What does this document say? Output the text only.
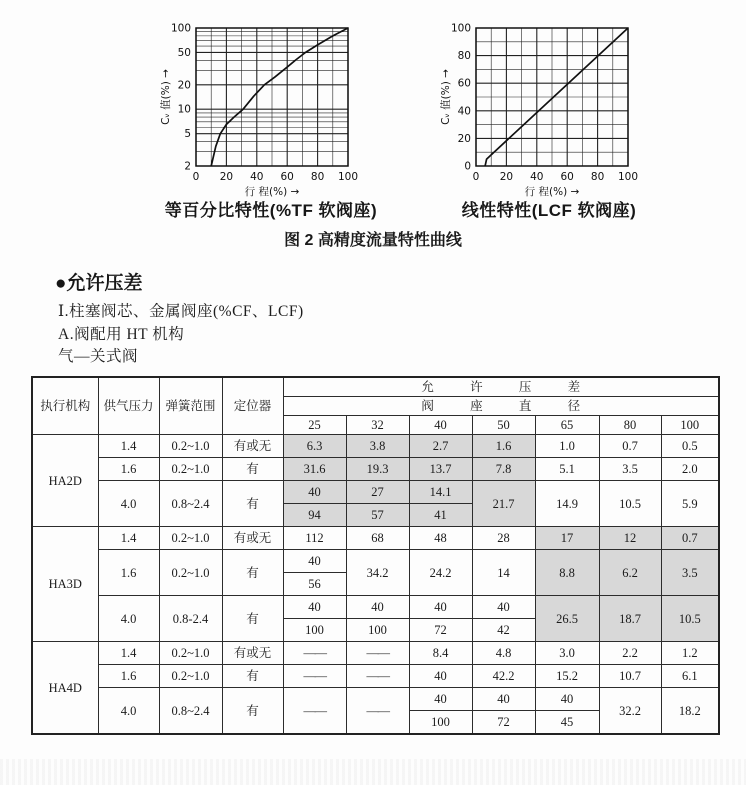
0 20 40 60 80 100
2
5
10
20
50
100
行 程(%) →
Cᵥ 值(%) →
0 20 40 60 80 100
0
20
40
60
80
100
行 程(%) →
Cᵥ 值(%) →
等百分比特性(%TF 软阀座)	线性特性(LCF 软阀座)
图 2 高精度流量特性曲线
●允许压差
Ⅰ.柱塞阀芯、金属阀座(%CF、LCF)
A.阀配用 HT 机构
气—关式阀
执行机构	供气压力	弹簧范围	定位器	允许压差						
				阀座直径						
				25	32	40	50	65	80	100
HA2D	1.4	0.2~1.0	有或无	6.3	3.8	2.7	1.6	1.0	0.7	0.5
	1.6	0.2~1.0	有	31.6	19.3	13.7	7.8	5.1	3.5	2.0
	4.0	0.8~2.4	有	40	27	14.1	21.7	14.9	10.5	5.9
				94	57	41				
HA3D	1.4	0.2~1.0	有或无	112	68	48	28	17	12	0.7
	1.6	0.2~1.0	有	40	34.2	24.2	14	8.8	6.2	3.5
				56						
	4.0	0.8-2.4	有	40	40	40	40	26.5	18.7	10.5
				100	100	72	42			
HA4D	1.4	0.2~1.0	有或无	——	——	8.4	4.8	3.0	2.2	1.2
	1.6	0.2~1.0	有	——	——	40	42.2	15.2	10.7	6.1
	4.0	0.8~2.4	有	——	——	40	40	40	32.2	18.2
						100	72	45		
